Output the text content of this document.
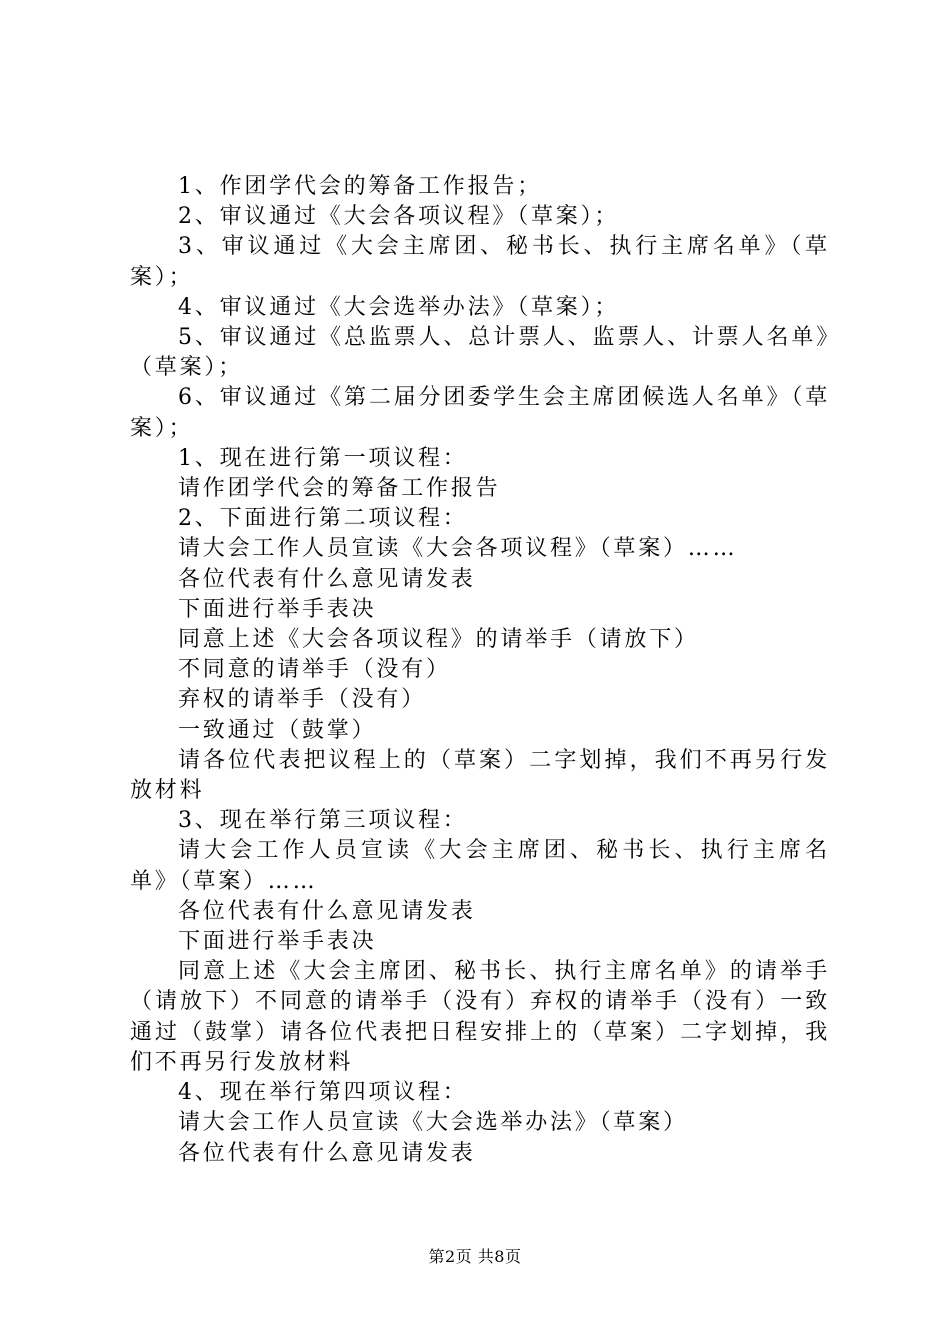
1、作团学代会的筹备工作报告；

2、审议通过《大会各项议程》（草案）；

3、审议通过《大会主席团、秘书长、执行主席名单》（草案）；

4、审议通过《大会选举办法》（草案）；

5、审议通过《总监票人、总计票人、监票人、计票人名单》（草案）；

6、审议通过《第二届分团委学生会主席团候选人名单》（草案）；

1、现在进行第一项议程：

请作团学代会的筹备工作报告

2、下面进行第二项议程：

请大会工作人员宣读《大会各项议程》（草案）……

各位代表有什么意见请发表

下面进行举手表决

同意上述《大会各项议程》的请举手（请放下）

不同意的请举手（没有）

弃权的请举手（没有）

一致通过（鼓掌）

请各位代表把议程上的（草案）二字划掉，我们不再另行发放材料

3、现在举行第三项议程：

请大会工作人员宣读《大会主席团、秘书长、执行主席名单》（草案）……

各位代表有什么意见请发表

下面进行举手表决

同意上述《大会主席团、秘书长、执行主席名单》的请举手（请放下）不同意的请举手（没有）弃权的请举手（没有）一致通过（鼓掌）请各位代表把日程安排上的（草案）二字划掉，我们不再另行发放材料

4、现在举行第四项议程：

请大会工作人员宣读《大会选举办法》（草案）

各位代表有什么意见请发表

第2页 共8页
